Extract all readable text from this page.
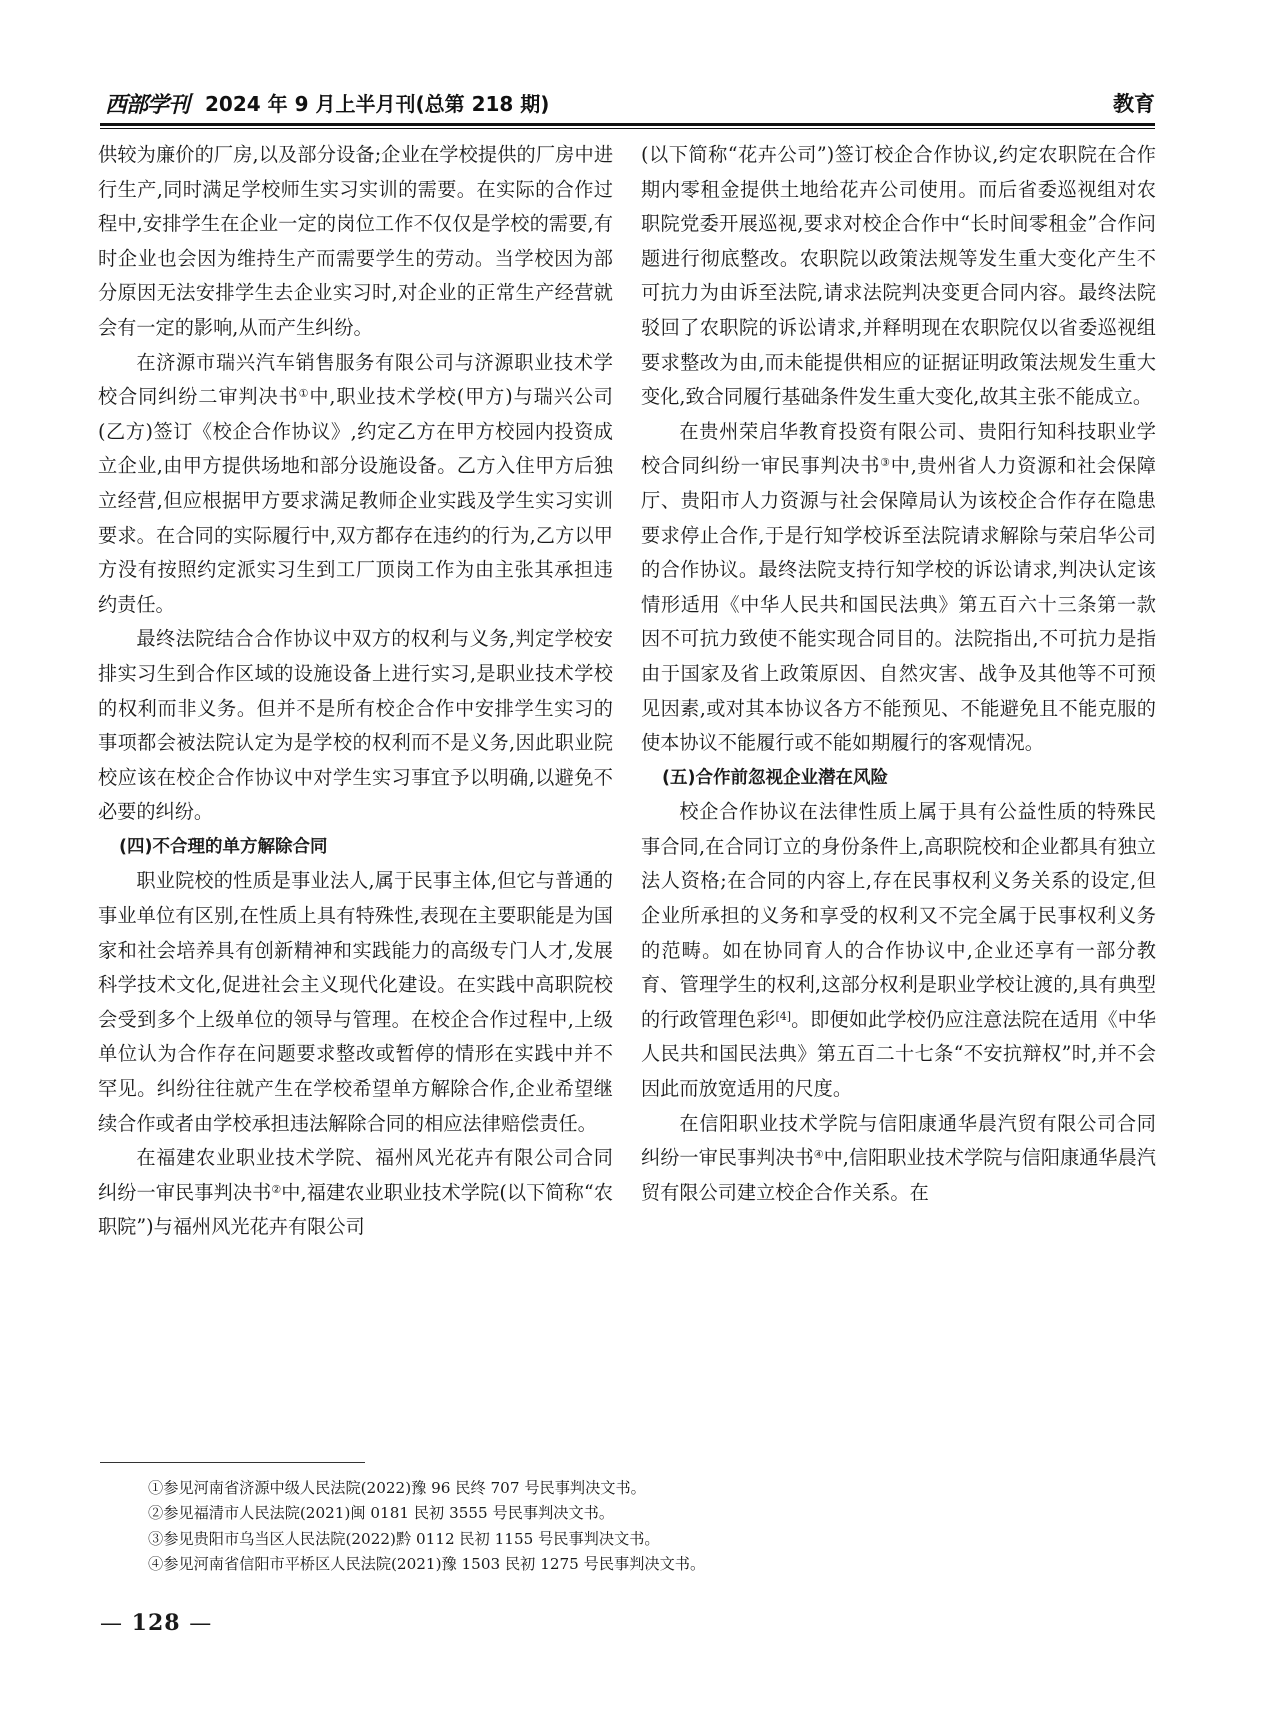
西部学刊 2024 年 9 月上半月刊(总第 218 期)	教育

供较为廉价的厂房,以及部分设备;企业在学校提供的厂房中进行生产,同时满足学校师生实习实训的需要。在实际的合作过程中,安排学生在企业一定的岗位工作不仅仅是学校的需要,有时企业也会因为维持生产而需要学生的劳动。当学校因为部分原因无法安排学生去企业实习时,对企业的正常生产经营就会有一定的影响,从而产生纠纷。

在济源市瑞兴汽车销售服务有限公司与济源职业技术学校合同纠纷二审判决书①中,职业技术学校(甲方)与瑞兴公司(乙方)签订《校企合作协议》,约定乙方在甲方校园内投资成立企业,由甲方提供场地和部分设施设备。乙方入住甲方后独立经营,但应根据甲方要求满足教师企业实践及学生实习实训要求。在合同的实际履行中,双方都存在违约的行为,乙方以甲方没有按照约定派实习生到工厂顶岗工作为由主张其承担违约责任。

最终法院结合合作协议中双方的权利与义务,判定学校安排实习生到合作区域的设施设备上进行实习,是职业技术学校的权利而非义务。但并不是所有校企合作中安排学生实习的事项都会被法院认定为是学校的权利而不是义务,因此职业院校应该在校企合作协议中对学生实习事宜予以明确,以避免不必要的纠纷。

(四)不合理的单方解除合同

职业院校的性质是事业法人,属于民事主体,但它与普通的事业单位有区别,在性质上具有特殊性,表现在主要职能是为国家和社会培养具有创新精神和实践能力的高级专门人才,发展科学技术文化,促进社会主义现代化建设。在实践中高职院校会受到多个上级单位的领导与管理。在校企合作过程中,上级单位认为合作存在问题要求整改或暂停的情形在实践中并不罕见。纠纷往往就产生在学校希望单方解除合作,企业希望继续合作或者由学校承担违法解除合同的相应法律赔偿责任。

在福建农业职业技术学院、福州风光花卉有限公司合同纠纷一审民事判决书②中,福建农业职业技术学院(以下简称“农职院”)与福州风光花卉有限公司

(以下简称“花卉公司”)签订校企合作协议,约定农职院在合作期内零租金提供土地给花卉公司使用。而后省委巡视组对农职院党委开展巡视,要求对校企合作中“长时间零租金”合作问题进行彻底整改。农职院以政策法规等发生重大变化产生不可抗力为由诉至法院,请求法院判决变更合同内容。最终法院驳回了农职院的诉讼请求,并释明现在农职院仅以省委巡视组要求整改为由,而未能提供相应的证据证明政策法规发生重大变化,致合同履行基础条件发生重大变化,故其主张不能成立。

在贵州荣启华教育投资有限公司、贵阳行知科技职业学校合同纠纷一审民事判决书③中,贵州省人力资源和社会保障厅、贵阳市人力资源与社会保障局认为该校企合作存在隐患要求停止合作,于是行知学校诉至法院请求解除与荣启华公司的合作协议。最终法院支持行知学校的诉讼请求,判决认定该情形适用《中华人民共和国民法典》第五百六十三条第一款因不可抗力致使不能实现合同目的。法院指出,不可抗力是指由于国家及省上政策原因、自然灾害、战争及其他等不可预见因素,或对其本协议各方不能预见、不能避免且不能克服的使本协议不能履行或不能如期履行的客观情况。

(五)合作前忽视企业潜在风险

校企合作协议在法律性质上属于具有公益性质的特殊民事合同,在合同订立的身份条件上,高职院校和企业都具有独立法人资格;在合同的内容上,存在民事权利义务关系的设定,但企业所承担的义务和享受的权利又不完全属于民事权利义务的范畴。如在协同育人的合作协议中,企业还享有一部分教育、管理学生的权利,这部分权利是职业学校让渡的,具有典型的行政管理色彩[4]。即便如此学校仍应注意法院在适用《中华人民共和国民法典》第五百二十七条“不安抗辩权”时,并不会因此而放宽适用的尺度。

在信阳职业技术学院与信阳康通华晨汽贸有限公司合同纠纷一审民事判决书④中,信阳职业技术学院与信阳康通华晨汽贸有限公司建立校企合作关系。在

①参见河南省济源中级人民法院(2022)豫 96 民终 707 号民事判决文书。
②参见福清市人民法院(2021)闽 0181 民初 3555 号民事判决文书。
③参见贵阳市乌当区人民法院(2022)黔 0112 民初 1155 号民事判决文书。
④参见河南省信阳市平桥区人民法院(2021)豫 1503 民初 1275 号民事判决文书。
— 128 —
